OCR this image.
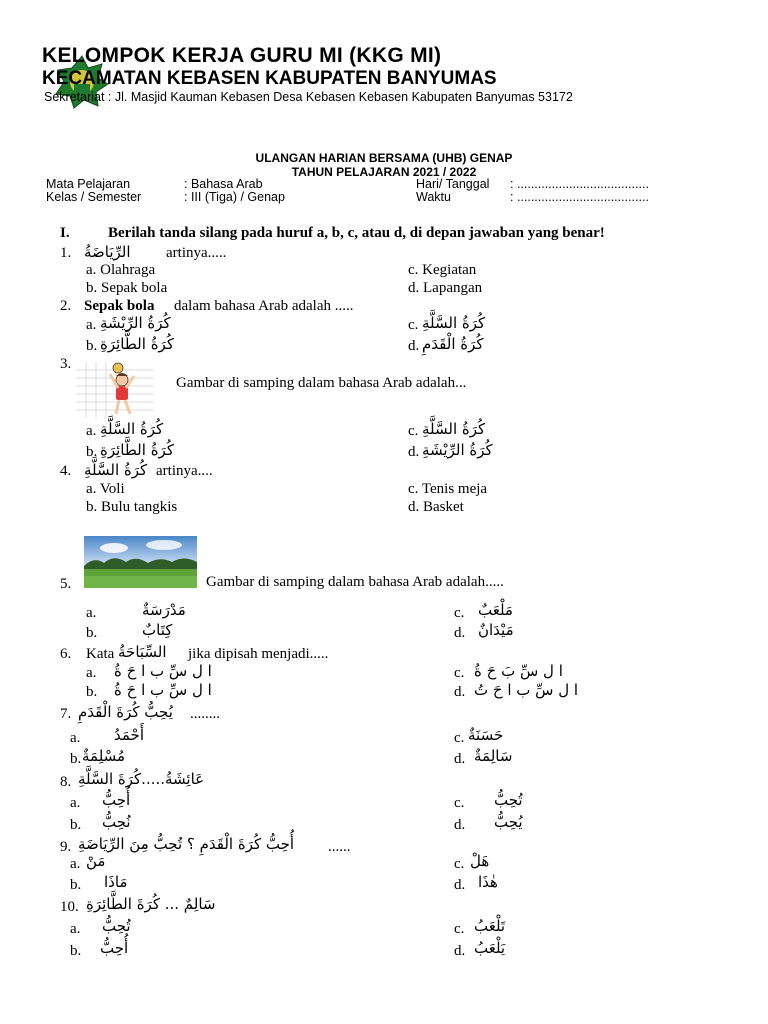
KELOMPOK KERJA GURU MI (KKG MI)
KECAMATAN KEBASEN KABUPATEN BANYUMAS
Sekretariat : Jl. Masjid Kauman Kebasen Desa Kebasen Kebasen Kabupaten Banyumas 53172
ULANGAN HARIAN BERSAMA (UHB) GENAP
TAHUN PELAJARAN 2021 / 2022
Mata Pelajaran	: Bahasa Arab	Hari/ Tanggal : ......................................
Kelas / Semester	: III (Tiga) / Genap	Waktu	: ......................................
I.	Berilah tanda silang pada huruf a, b, c, atau d, di depan jawaban yang benar!
1. الرِّيَاضَةُ artinya.....
a. Olahraga	c. Kegiatan
b. Sepak bola	d. Lapangan
2. Sepak bola dalam bahasa Arab adalah .....
a. كُرَةُ الرِّيْشَةِ	c. كُرَةُ السَّلَّةِ
b. كُرَةُ الطَّائِرَةِ	d. كُرَةُ الْقَدَمِ
3.
Gambar di samping dalam bahasa Arab adalah...
a. كُرَةُ السَّلَّةِ	c. كُرَةُ السَّلَّةِ
b. كُرَةُ الطَّائِرَةِ	d. كُرَةُ الرِّيْشَةِ
4. كُرَةُ السَّلَّةِ artinya....
a. Voli	c. Tenis meja
b. Bulu tangkis	d. Basket
5.	Gambar di samping dalam bahasa Arab adalah.....
a.	مَدْرَسَةٌ	c. مَلْعَبٌ
b.	كِتَابٌ	d. مَيْدَانٌ
6. Kata السِّبَاحَةُ jika dipisah menjadi.....
a. ا ل سِّ ب ا حَ ةُ	c. ا ل سِّ بَ حَ ةُ
b. ا ل سِّ ب ا حَ ةُ	d. ا ل سِّ ب ا حَ تُ
7. يُحِبُّ كُرَةَ الْقَدَمِ ........
a. أَحْمَدُ	c. حَسَنَةٌ
b. مُسْلِمَةٌ	d. سَالِمَةٌ
8. عَائِشَةُ.....كُرَةَ السَّلَّةِ
a. أُحِبُّ	c. تُحِبُّ
b. نُحِبُّ	d. يُحِبُّ
9. أُحِبُّ كُرَةَ الْقَدَمِ ؟ تُحِبُّ مِنَ الرِّيَاضَةِ ......
a. مَنْ	c. هَلْ
b. مَاذَا	d. هٰذَا
10. سَالِمٌ ... كُرَةَ الطَّائِرَةِ
a. تُحِبُّ	c. تَلْعَبُ
b. أُحِبُّ	d. يَلْعَبُ
